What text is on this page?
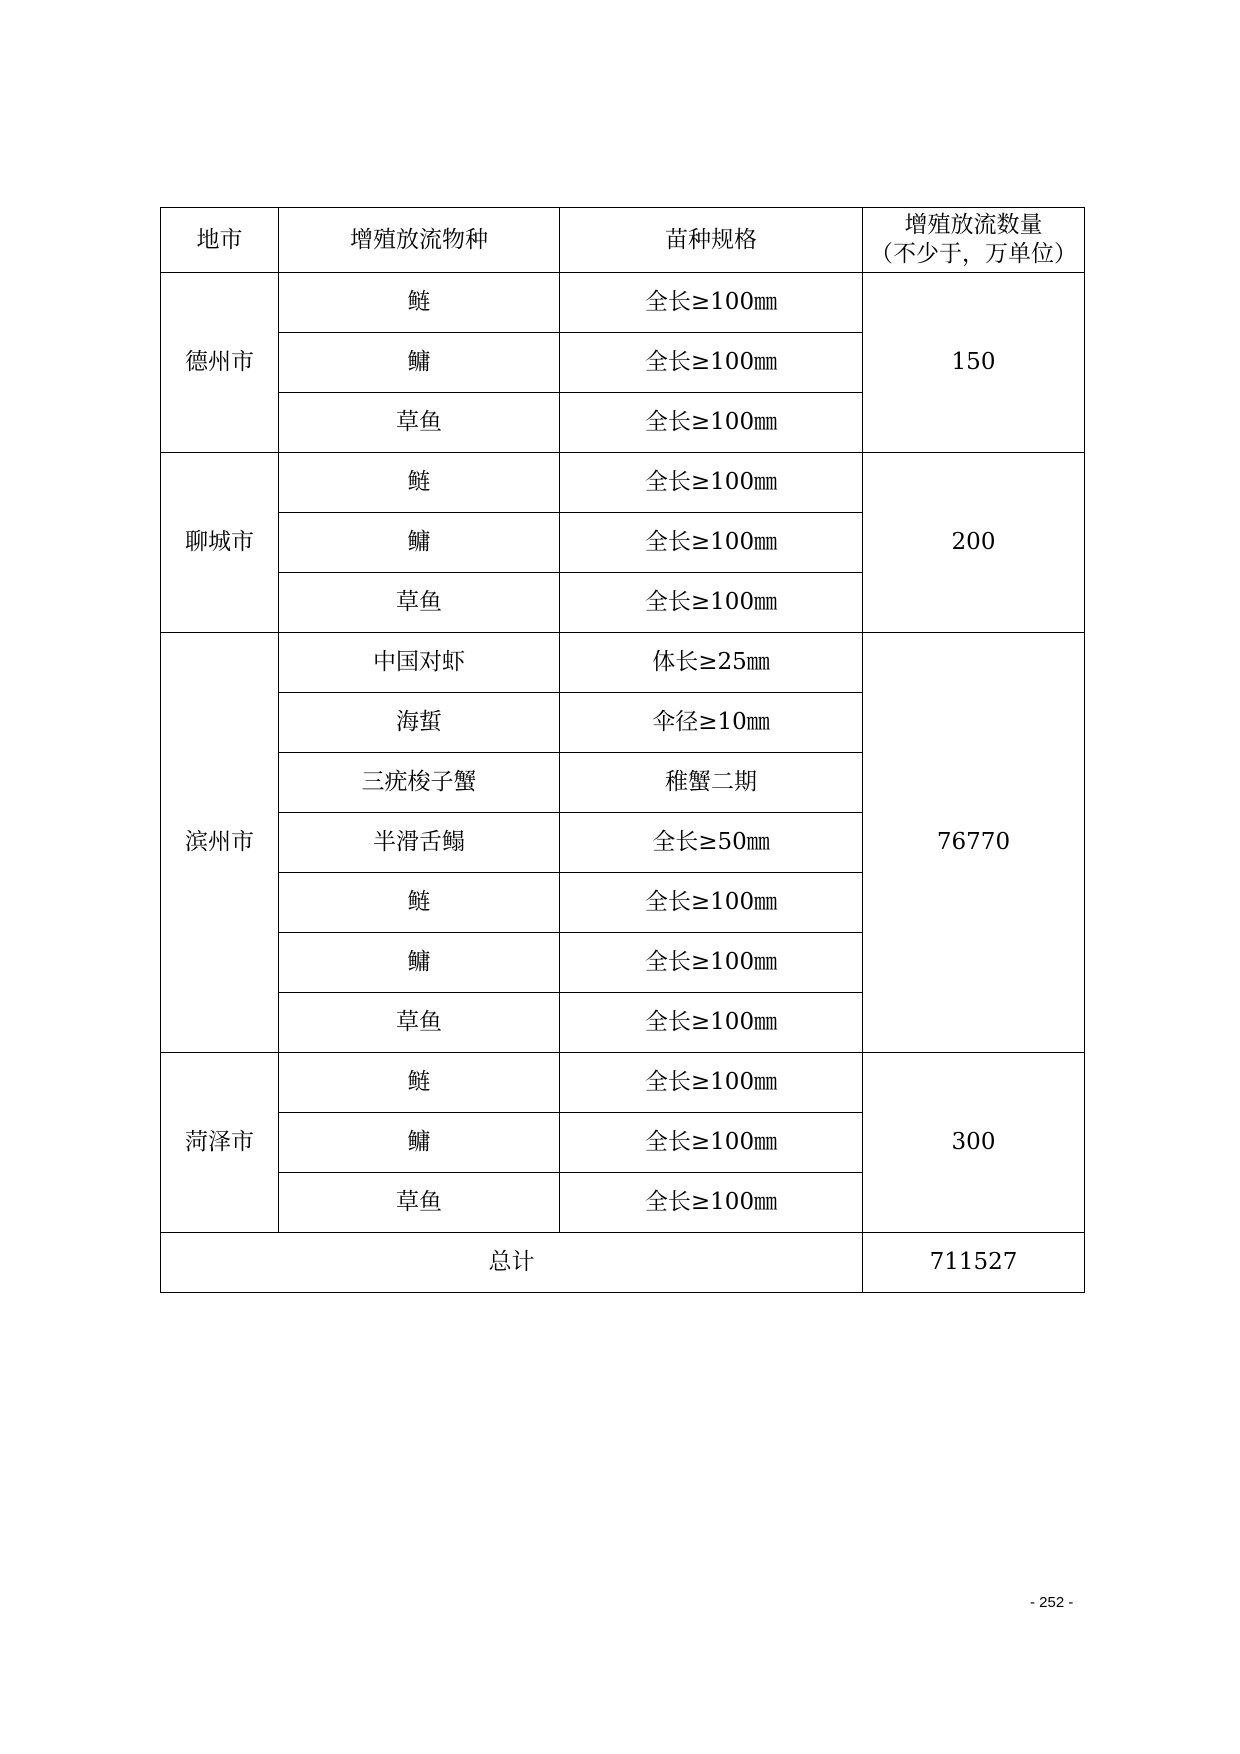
地市	增殖放流物种	苗种规格	增殖放流数量
（不少于，万单位）

德州市	鲢	全长≥100㎜	150
	鳙	全长≥100㎜	
	草鱼	全长≥100㎜	
聊城市	鲢	全长≥100㎜	200
	鳙	全长≥100㎜	
	草鱼	全长≥100㎜	
滨州市	中国对虾	体长≥25㎜	76770
	海蜇	伞径≥10㎜	
	三疣梭子蟹	稚蟹二期	
	半滑舌鳎	全长≥50㎜	
	鲢	全长≥100㎜	
	鳙	全长≥100㎜	
	草鱼	全长≥100㎜	
菏泽市	鲢	全长≥100㎜	300
	鳙	全长≥100㎜	
	草鱼	全长≥100㎜	
总计			711527
- 252 -
